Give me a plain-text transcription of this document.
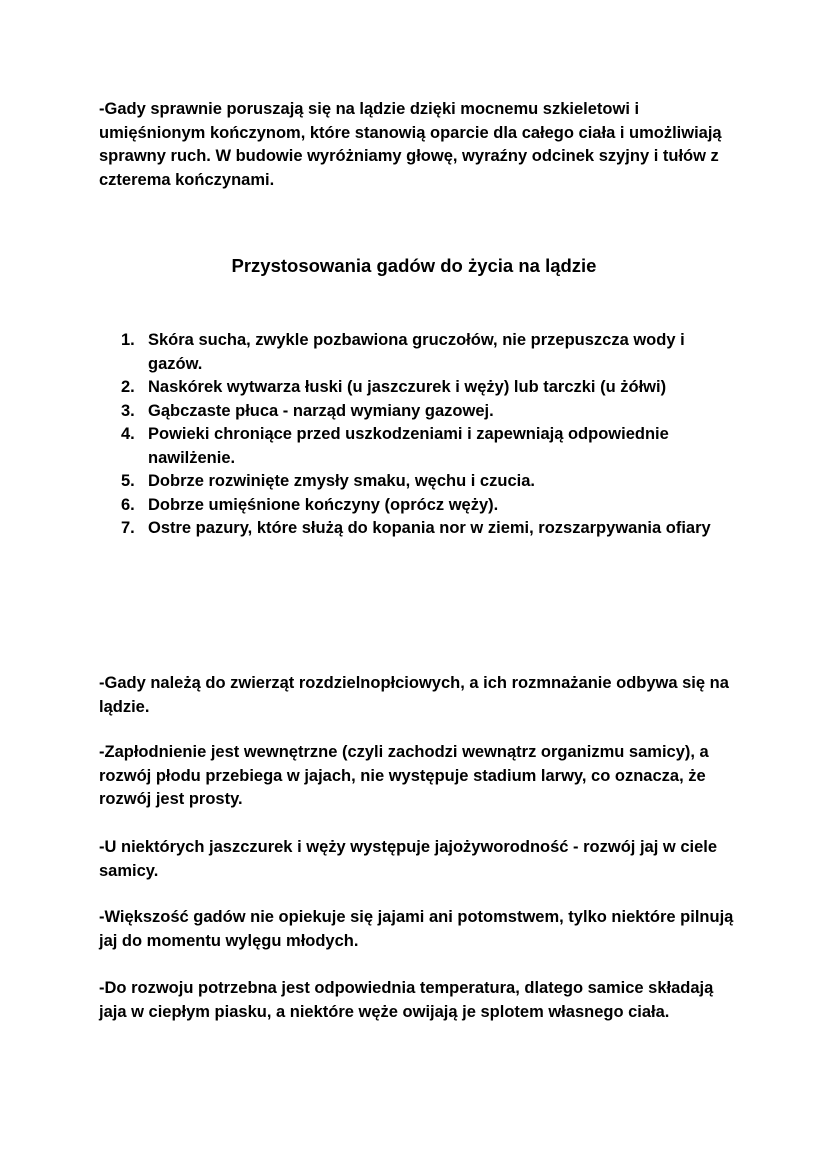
-Gady sprawnie poruszają się na lądzie dzięki mocnemu szkieletowi i umięśnionym kończynom, które stanowią oparcie dla całego ciała i umożliwiają sprawny ruch. W budowie wyróżniamy głowę, wyraźny odcinek szyjny i tułów z czterema kończynami.

Przystosowania gadów do życia na lądzie
1. Skóra sucha, zwykle pozbawiona gruczołów, nie przepuszcza wody i gazów.
2. Naskórek wytwarza łuski (u jaszczurek i węży) lub tarczki (u żółwi)
3. Gąbczaste płuca - narząd wymiany gazowej.
4. Powieki chroniące przed uszkodzeniami i zapewniają odpowiednie nawilżenie.
5. Dobrze rozwinięte zmysły smaku, węchu i czucia.
6. Dobrze umięśnione kończyny (oprócz węży).
7. Ostre pazury, które służą do kopania nor w ziemi, rozszarpywania ofiary

-Gady należą do zwierząt rozdzielnopłciowych, a ich rozmnażanie odbywa się na lądzie.

-Zapłodnienie jest wewnętrzne (czyli zachodzi wewnątrz organizmu samicy), a rozwój płodu przebiega w jajach, nie występuje stadium larwy, co oznacza, że rozwój jest prosty.

-U niektórych jaszczurek i węży występuje jajożyworodność - rozwój jaj w ciele samicy.

-Większość gadów nie opiekuje się jajami ani potomstwem, tylko niektóre pilnują jaj do momentu wylęgu młodych.

-Do rozwoju potrzebna jest odpowiednia temperatura, dlatego samice składają jaja w ciepłym piasku, a niektóre węże owijają je splotem własnego ciała.
